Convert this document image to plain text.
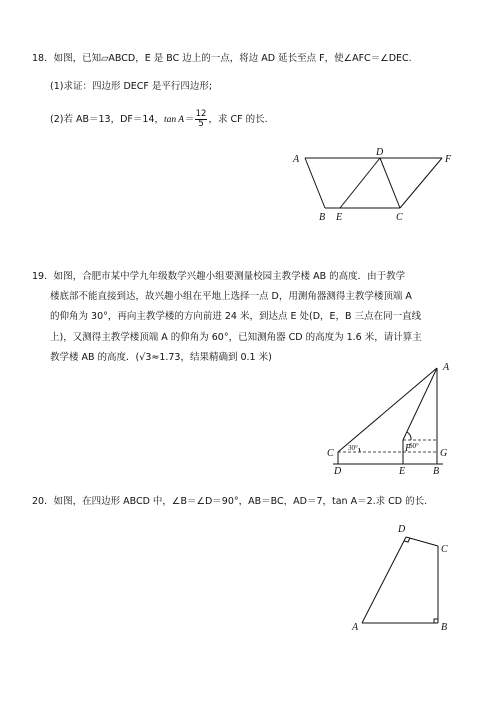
18．如图，已知▱ABCD，E 是 BC 边上的一点，将边 AD 延长至点 F，使∠AFC＝∠DEC.
(1)求证：四边形 DECF 是平行四边形;
(2)若 AB＝13，DF＝14，$\tan A= \frac{12}{5}$ ，求 CF 的长.
A
D
F
B E	C
19．如图，合肥市某中学九年级数学兴趣小组要测量校园主教学楼 AB 的高度．由于教学
楼底部不能直接到达，故兴趣小组在平地上选择一点 D，用测角器测得主教学楼顶端 A
的仰角为 30°，再向主教学楼的方向前进 24 米，到达点 E 处(D，E，B 三点在同一直线
上)，又测得主教学楼顶端 A 的仰角为 60°，已知测角器 CD 的高度为 1.6 米，请计算主
教学楼 AB 的高度．(√3≈1.73，结果精确到 0.1 米)
A
C	F	G
D	E	B
30°	60°
20．如图，在四边形 ABCD 中，∠B＝∠D＝90°，AB＝BC，AD＝7，tan A＝2.求 CD 的长.
D
C
A	B
